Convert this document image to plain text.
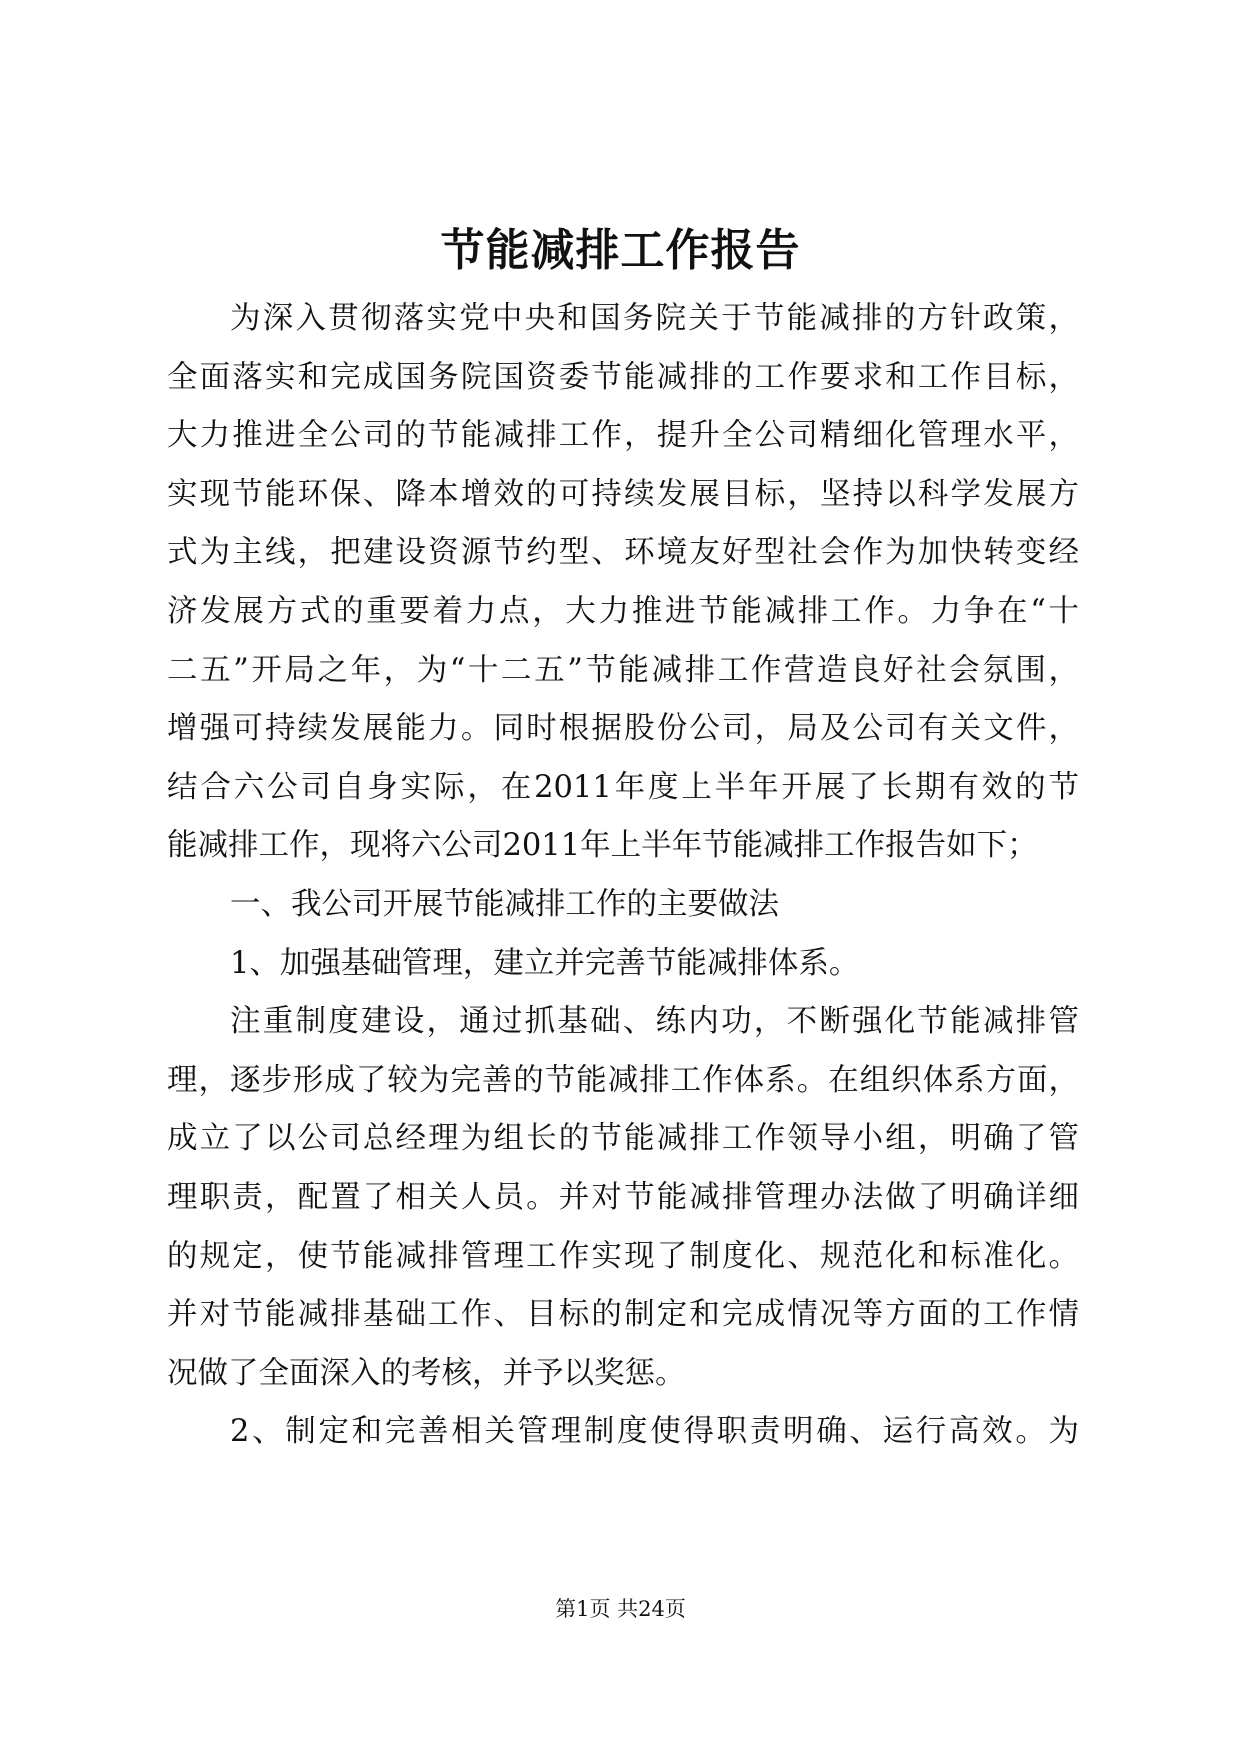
节能减排工作报告
为深入贯彻落实党中央和国务院关于节能减排的方针政策，
全面落实和完成国务院国资委节能减排的工作要求和工作目标，
大力推进全公司的节能减排工作，提升全公司精细化管理水平，
实现节能环保、降本增效的可持续发展目标，坚持以科学发展方
式为主线，把建设资源节约型、环境友好型社会作为加快转变经
济发展方式的重要着力点，大力推进节能减排工作。力争在“十
二五”开局之年，为“十二五”节能减排工作营造良好社会氛围，
增强可持续发展能力。同时根据股份公司，局及公司有关文件，
结合六公司自身实际，在2011年度上半年开展了长期有效的节
能减排工作，现将六公司2011年上半年节能减排工作报告如下；
一、我公司开展节能减排工作的主要做法
1、加强基础管理，建立并完善节能减排体系。
注重制度建设，通过抓基础、练内功，不断强化节能减排管
理，逐步形成了较为完善的节能减排工作体系。在组织体系方面，
成立了以公司总经理为组长的节能减排工作领导小组，明确了管
理职责，配置了相关人员。并对节能减排管理办法做了明确详细
的规定，使节能减排管理工作实现了制度化、规范化和标准化。
并对节能减排基础工作、目标的制定和完成情况等方面的工作情
况做了全面深入的考核，并予以奖惩。
2、制定和完善相关管理制度使得职责明确、运行高效。为
第1页 共24页
